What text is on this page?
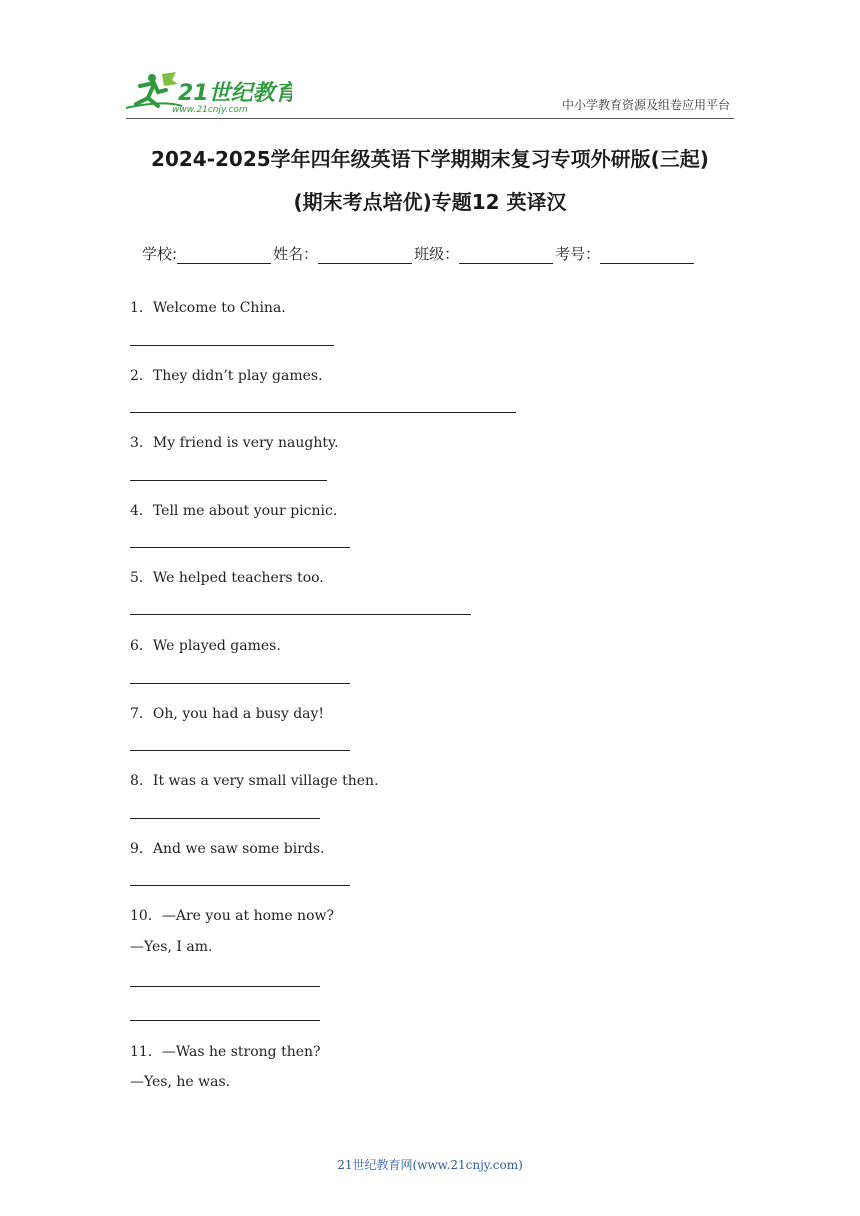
21世纪教育
www.21cnjy.com	中小学教育资源及组卷应用平台
2024-2025学年四年级英语下学期期末复习专项外研版(三起)
(期末考点培优)专题12 英译汉
学校:	姓名：	班级：	考号：
1．Welcome to China.
2．They didn’t play games.
3．My friend is very naughty.
4．Tell me about your picnic.
5．We helped teachers too.
6．We played games.
7．Oh, you had a busy day!
8．It was a very small village then.
9．And we saw some birds.
10．—Are you at home now?
—Yes, I am.
11．—Was he strong then?
—Yes, he was.
21世纪教育网(www.21cnjy.com)
